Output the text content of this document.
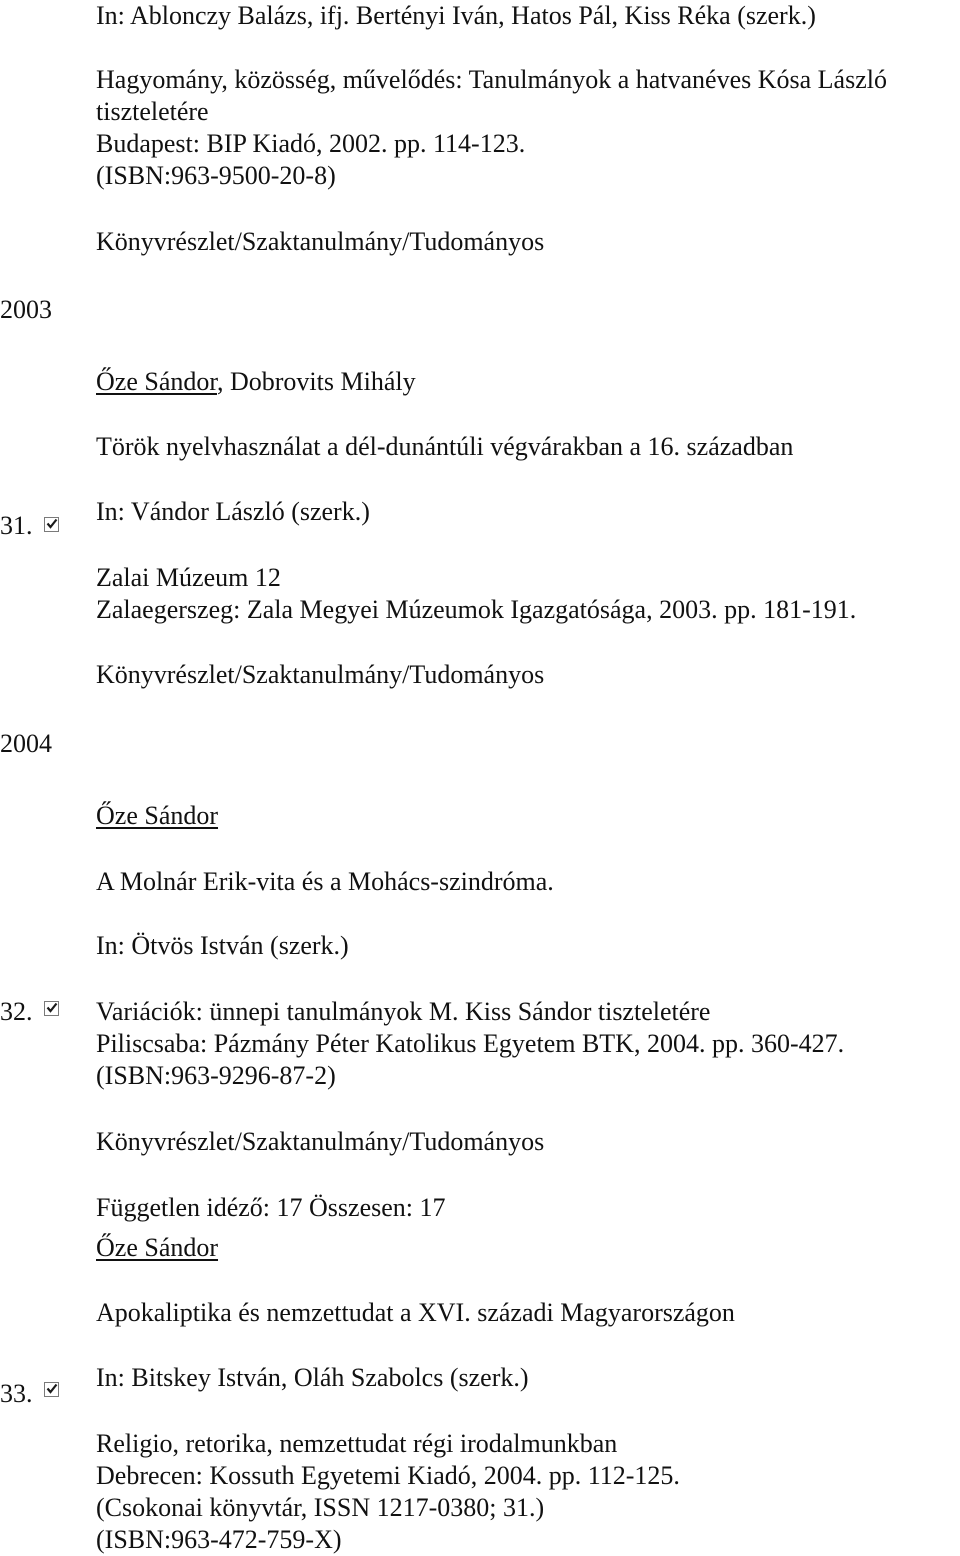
In: Ablonczy Balázs, ifj. Bertényi Iván, Hatos Pál, Kiss Réka (szerk.)

Hagyomány, közösség, művelődés: Tanulmányok a hatvanéves Kósa László

tiszteletére

Budapest: BIP Kiadó, 2002. pp. 114-123.

(ISBN:963-9500-20-8)

Könyvrészlet/Szaktanulmány/Tudományos

2003

Őze Sándor, Dobrovits Mihály

Török nyelvhasználat a dél-dunántúli végvárakban a 16. században

31. In: Vándor László (szerk.)

Zalai Múzeum 12

Zalaegerszeg: Zala Megyei Múzeumok Igazgatósága, 2003. pp. 181-191.

Könyvrészlet/Szaktanulmány/Tudományos

2004

Őze Sándor

A Molnár Erik-vita és a Mohács-szindróma.

In: Ötvös István (szerk.)

32. Variációk: ünnepi tanulmányok M. Kiss Sándor tiszteletére

Piliscsaba: Pázmány Péter Katolikus Egyetem BTK, 2004. pp. 360-427.

(ISBN:963-9296-87-2)

Könyvrészlet/Szaktanulmány/Tudományos

Független idéző: 17 Összesen: 17

Őze Sándor

Apokaliptika és nemzettudat a XVI. századi Magyarországon

In: Bitskey István, Oláh Szabolcs (szerk.)

33.

Religio, retorika, nemzettudat régi irodalmunkban

Debrecen: Kossuth Egyetemi Kiadó, 2004. pp. 112-125.

(Csokonai könyvtár, ISSN 1217-0380; 31.)

(ISBN:963-472-759-X)
